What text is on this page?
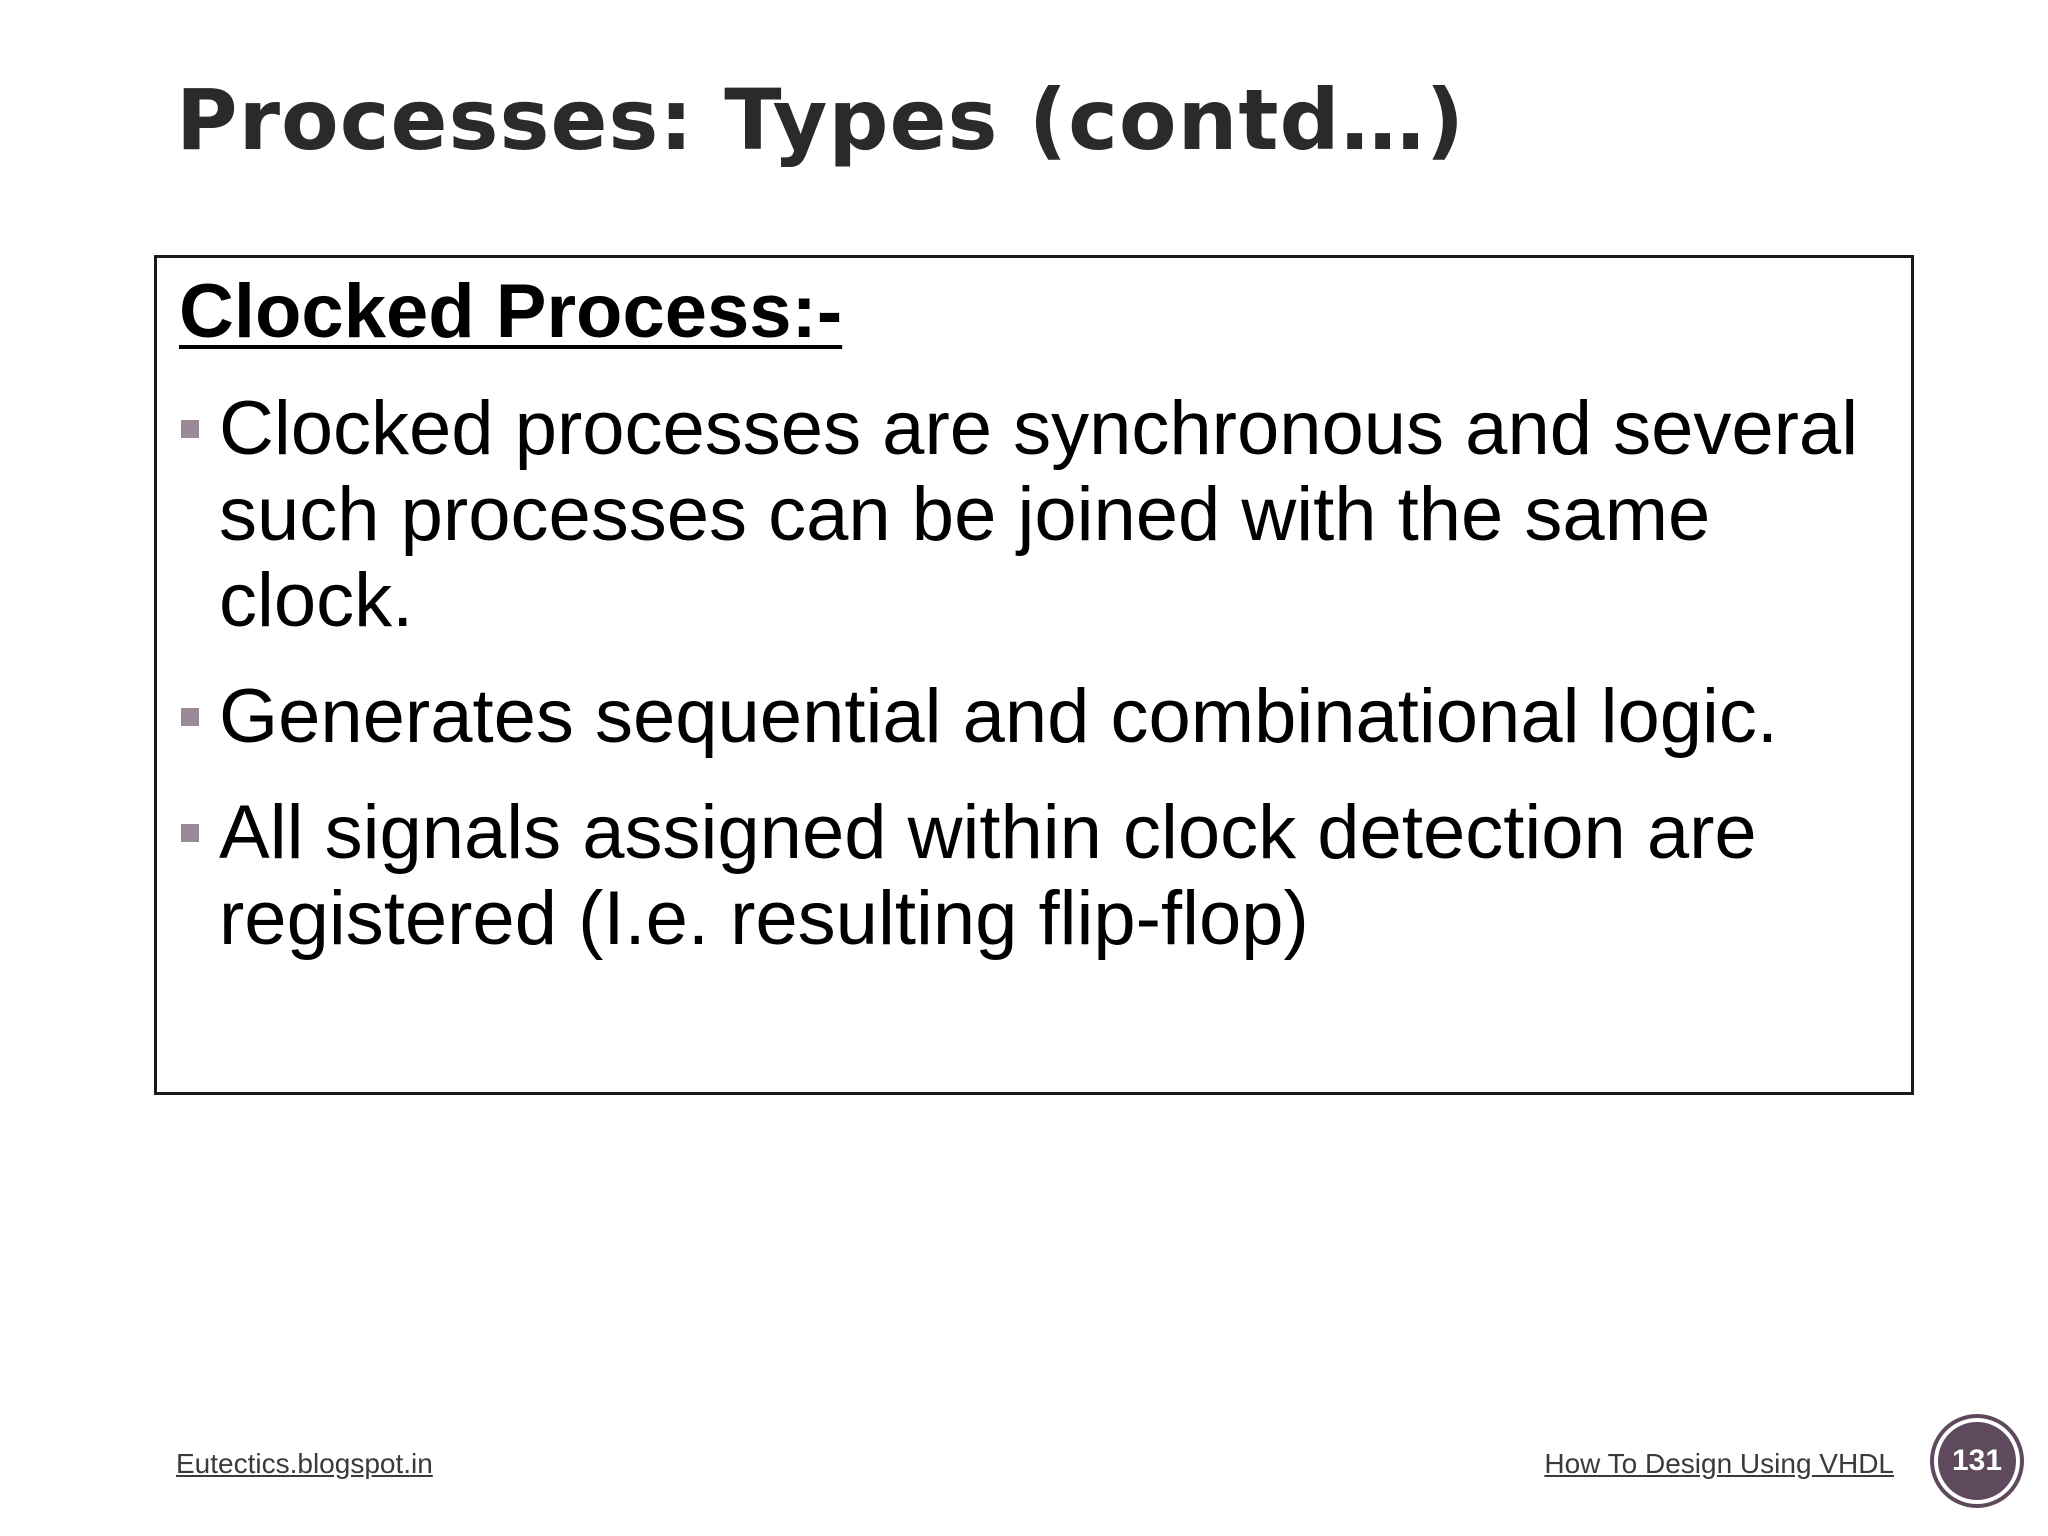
Processes: Types (contd…)
Clocked Process:-
Clocked processes are synchronous and several such processes can be joined with the same clock.
Generates sequential and combinational logic.
All signals assigned within clock detection are registered (I.e. resulting flip-flop)
Eutectics.blogspot.in	How To Design Using VHDL 131
